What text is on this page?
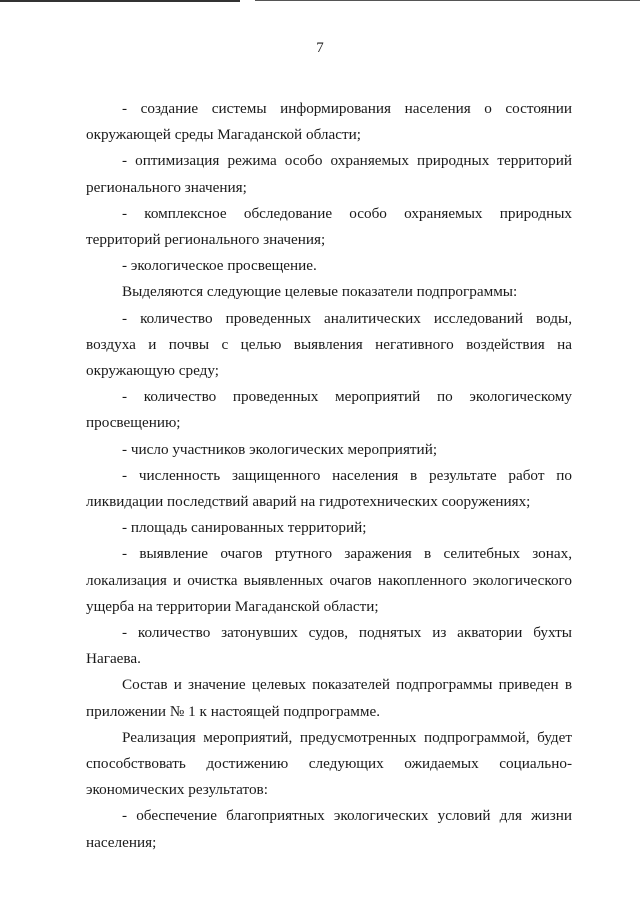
7

- создание системы информирования населения о состоянии окружающей среды Магаданской области;

- оптимизация режима особо охраняемых природных территорий регионального значения;

- комплексное обследование особо охраняемых природных территорий регионального значения;

- экологическое просвещение.

Выделяются следующие целевые показатели подпрограммы:

- количество проведенных аналитических исследований воды, воздуха и почвы с целью выявления негативного воздействия на окружающую среду;

- количество проведенных мероприятий по экологическому просвещению;

- число участников экологических мероприятий;

- численность защищенного населения в результате работ по ликвидации последствий аварий на гидротехнических сооружениях;

- площадь санированных территорий;

- выявление очагов ртутного заражения в селитебных зонах, локализация и очистка выявленных очагов накопленного экологического ущерба на территории Магаданской области;

- количество затонувших судов, поднятых из акватории бухты Нагаева.

Состав и значение целевых показателей подпрограммы приведен в приложении № 1 к настоящей подпрограмме.

Реализация мероприятий, предусмотренных подпрограммой, будет способствовать достижению следующих ожидаемых социально-экономических результатов:

- обеспечение благоприятных экологических условий для жизни населения;
